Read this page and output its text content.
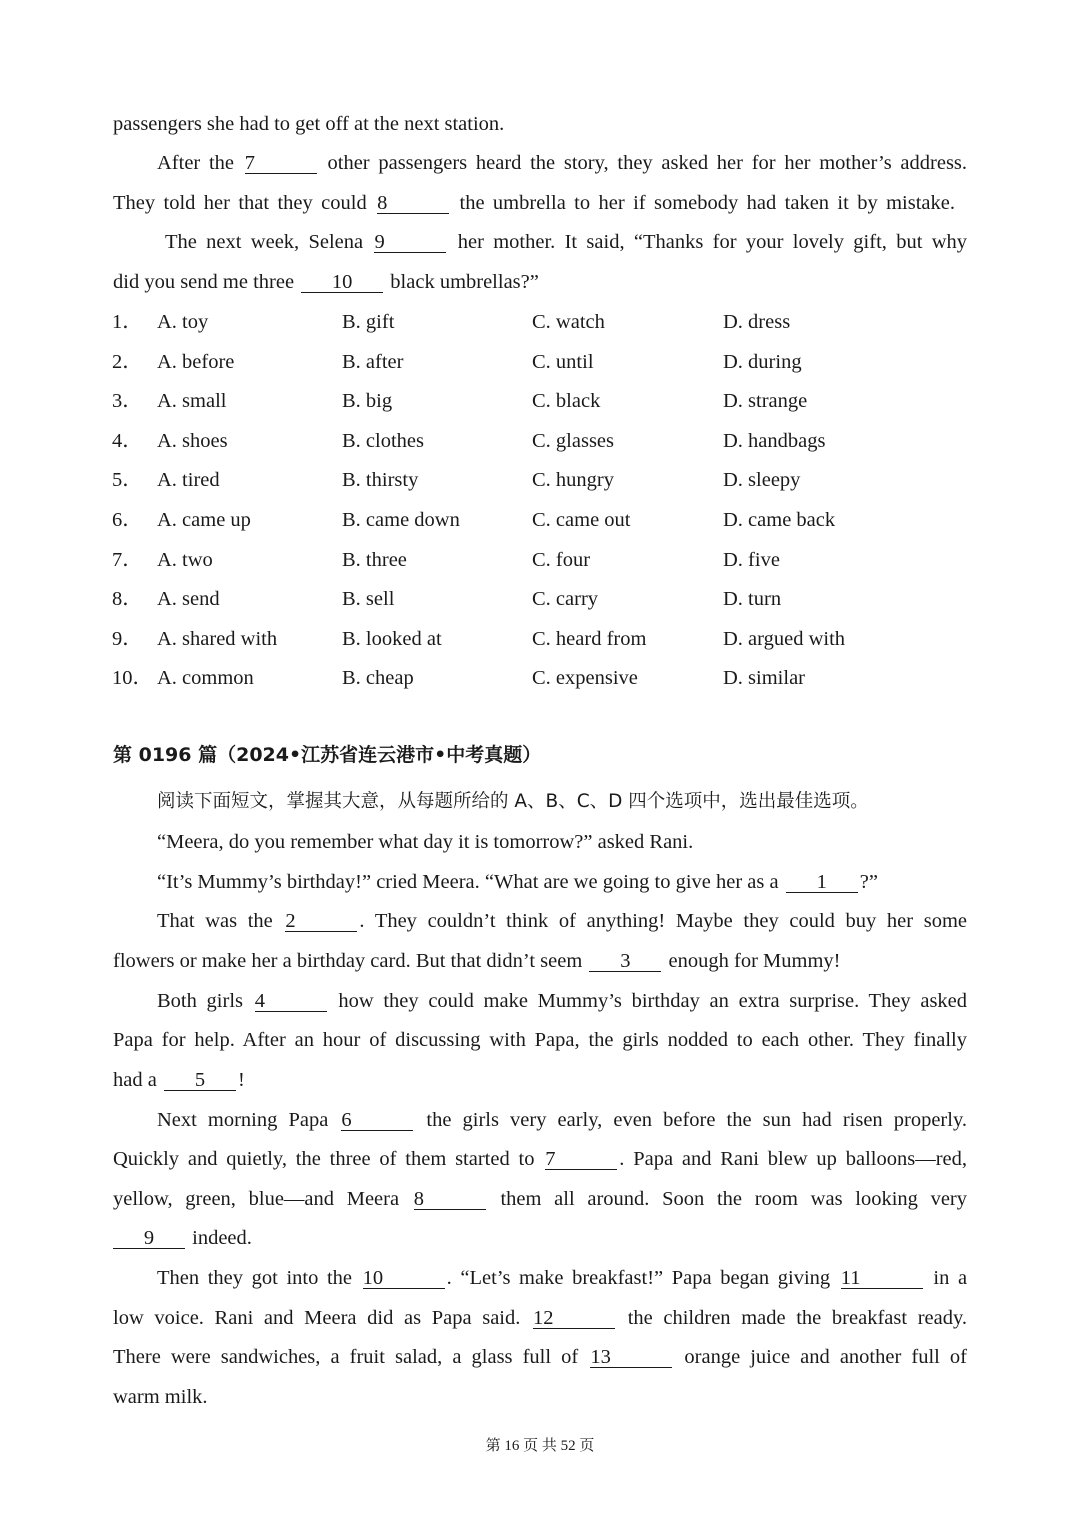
passengers she had to get off at the next station.
After the 7	other passengers heard the story, they asked her for her mother’s address.
They told her that they could 8	the umbrella to her if somebody had taken it by mistake.
The next week, Selena 9	her mother. It said, “Thanks for your lovely gift, but why
did you send me three 10 black umbrellas?”
1． A. toy	B. gift	C. watch	D. dress
2． A. before	B. after	C. until	D. during
3． A. small	B. big	C. black	D. strange
4． A. shoes	B. clothes	C. glasses	D. handbags
5． A. tired	B. thirsty	C. hungry	D. sleepy
6． A. came up	B. came down	C. came out	D. came back
7． A. two	B. three	C. four	D. five
8． A. send	B. sell	C. carry	D. turn
9． A. shared with	B. looked at	C. heard from	D. argued with
10． A. common	B. cheap	C. expensive	D. similar
第 0196 篇（2024•江苏省连云港市•中考真题）
阅读下面短文，掌握其大意，从每题所给的 A、B、C、D 四个选项中，选出最佳选项。
“Meera, do you remember what day it is tomorrow?” asked Rani.
“It’s Mummy’s birthday!” cried Meera. “What are we going to give her as a 1 ?”
That was the 2	. They couldn’t think of anything! Maybe they could buy her some
flowers or make her a birthday card. But that didn’t seem 3 enough for Mummy!
Both girls 4	how they could make Mummy’s birthday an extra surprise. They asked
Papa for help. After an hour of discussing with Papa, the girls nodded to each other. They finally
had a 5 !
Next morning Papa 6	the girls very early, even before the sun had risen properly.
Quickly and quietly, the three of them started to 7	. Papa and Rani blew up balloons—red,
yellow, green, blue—and Meera 8	them all around. Soon the room was looking very
9 indeed.
Then they got into the 10	. “Let’s make breakfast!” Papa began giving 11	in a
low voice. Rani and Meera did as Papa said. 12	the children made the breakfast ready.
There were sandwiches, a fruit salad, a glass full of 13	orange juice and another full of
warm milk.
第 16 页 共 52 页
